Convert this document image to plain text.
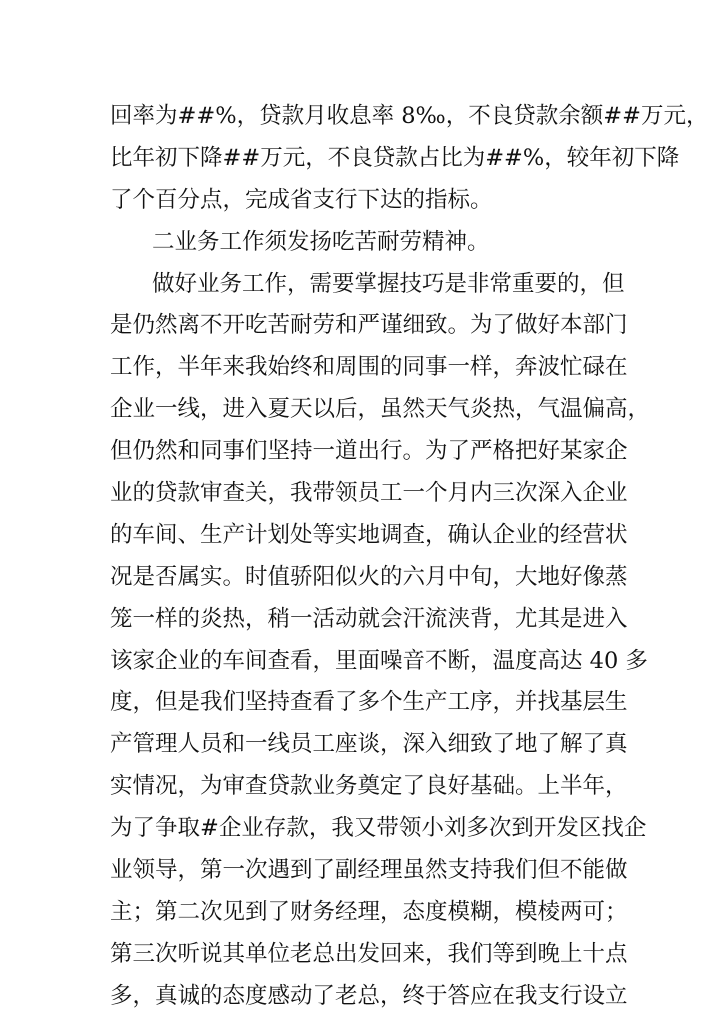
回率为##%，贷款月收息率 8‰，不良贷款余额##万元，
比年初下降##万元，不良贷款占比为##%，较年初下降
了个百分点，完成省支行下达的指标。
二业务工作须发扬吃苦耐劳精神。
做好业务工作，需要掌握技巧是非常重要的，但
是仍然离不开吃苦耐劳和严谨细致。为了做好本部门
工作，半年来我始终和周围的同事一样，奔波忙碌在
企业一线，进入夏天以后，虽然天气炎热，气温偏高，
但仍然和同事们坚持一道出行。为了严格把好某家企
业的贷款审查关，我带领员工一个月内三次深入企业
的车间、生产计划处等实地调查，确认企业的经营状
况是否属实。时值骄阳似火的六月中旬，大地好像蒸
笼一样的炎热，稍一活动就会汗流浃背，尤其是进入
该家企业的车间查看，里面噪音不断，温度高达 40 多
度，但是我们坚持查看了多个生产工序，并找基层生
产管理人员和一线员工座谈，深入细致了地了解了真
实情况，为审查贷款业务奠定了良好基础。上半年，
为了争取#企业存款，我又带领小刘多次到开发区找企
业领导，第一次遇到了副经理虽然支持我们但不能做
主；第二次见到了财务经理，态度模糊，模棱两可；
第三次听说其单位老总出发回来，我们等到晚上十点
多，真诚的态度感动了老总，终于答应在我支行设立
